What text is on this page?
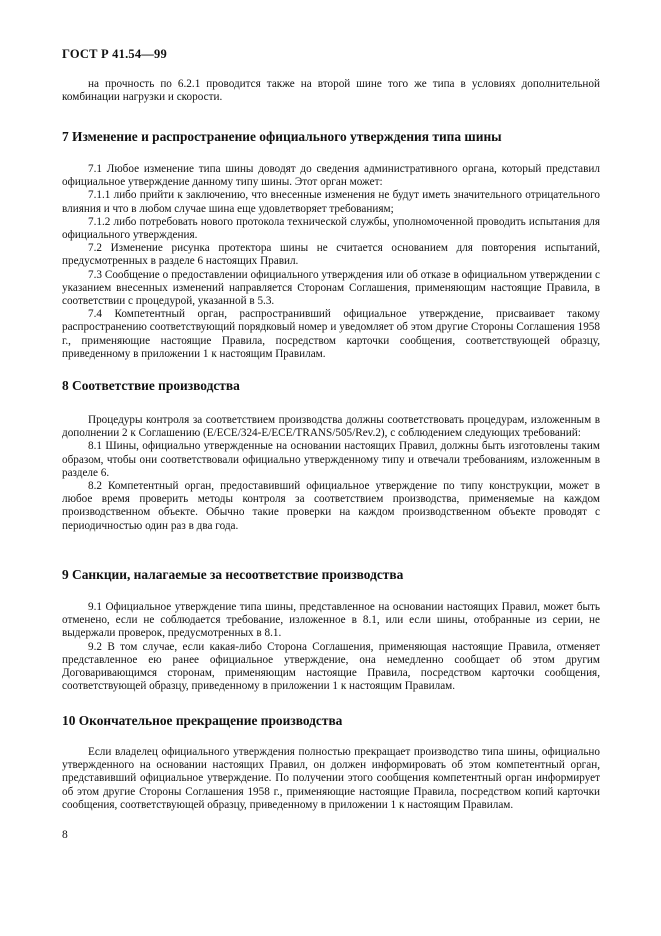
ГОСТ Р 41.54—99

на прочность по 6.2.1 проводится также на второй шине того же типа в условиях дополнительной комбинации нагрузки и скорости.

7 Изменение и распространение официального утверждения типа шины

7.1 Любое изменение типа шины доводят до сведения административного органа, который представил официальное утверждение данному типу шины. Этот орган может:

7.1.1 либо прийти к заключению, что внесенные изменения не будут иметь значительного отрицательного влияния и что в любом случае шина еще удовлетворяет требованиям;

7.1.2 либо потребовать нового протокола технической службы, уполномоченной проводить испытания для официального утверждения.

7.2 Изменение рисунка протектора шины не считается основанием для повторения испытаний, предусмотренных в разделе 6 настоящих Правил.

7.3 Сообщение о предоставлении официального утверждения или об отказе в официальном утверждении с указанием внесенных изменений направляется Сторонам Соглашения, применяющим настоящие Правила, в соответствии с процедурой, указанной в 5.3.

7.4 Компетентный орган, распространивший официальное утверждение, присваивает такому распространению соответствующий порядковый номер и уведомляет об этом другие Стороны Соглашения 1958 г., применяющие настоящие Правила, посредством карточки сообщения, соответствующей образцу, приведенному в приложении 1 к настоящим Правилам.

8 Соответствие производства

Процедуры контроля за соответствием производства должны соответствовать процедурам, изложенным в дополнении 2 к Соглашению (E/ECE/324-E/ECE/TRANS/505/Rev.2), с соблюдением следующих требований:

8.1 Шины, официально утвержденные на основании настоящих Правил, должны быть изготовлены таким образом, чтобы они соответствовали официально утвержденному типу и отвечали требованиям, изложенным в разделе 6.

8.2 Компетентный орган, предоставивший официальное утверждение по типу конструкции, может в любое время проверить методы контроля за соответствием производства, применяемые на каждом производственном объекте. Обычно такие проверки на каждом производственном объекте проводят с периодичностью один раз в два года.

9 Санкции, налагаемые за несоответствие производства

9.1 Официальное утверждение типа шины, представленное на основании настоящих Правил, может быть отменено, если не соблюдается требование, изложенное в 8.1, или если шины, отобранные из серии, не выдержали проверок, предусмотренных в 8.1.

9.2 В том случае, если какая-либо Сторона Соглашения, применяющая настоящие Правила, отменяет представленное ею ранее официальное утверждение, она немедленно сообщает об этом другим Договаривающимся сторонам, применяющим настоящие Правила, посредством карточки сообщения, соответствующей образцу, приведенному в приложении 1 к настоящим Правилам.

10 Окончательное прекращение производства

Если владелец официального утверждения полностью прекращает производство типа шины, официально утвержденного на основании настоящих Правил, он должен информировать об этом компетентный орган, представивший официальное утверждение. По получении этого сообщения компетентный орган информирует об этом другие Стороны Соглашения 1958 г., применяющие настоящие Правила, посредством копий карточки сообщения, соответствующей образцу, приведенному в приложении 1 к настоящим Правилам.

8
